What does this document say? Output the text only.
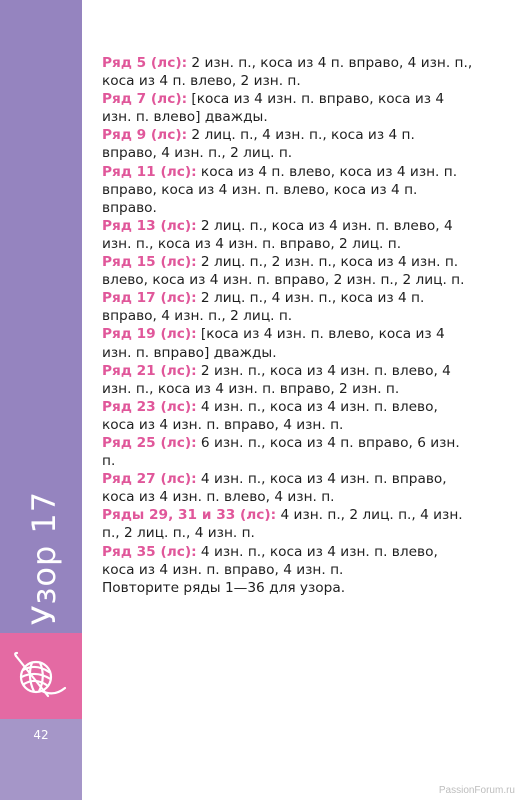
Узор 17
42

Ряд 5 (лс): 2 изн. п., коса из 4 п. вправо, 4 изн. п., коса из 4 п. влево, 2 изн. п.

Ряд 7 (лс): [коса из 4 изн. п. вправо, коса из 4 изн. п. влево] дважды.

Ряд 9 (лс): 2 лиц. п., 4 изн. п., коса из 4 п. вправо, 4 изн. п., 2 лиц. п.

Ряд 11 (лс): коса из 4 п. влево, коса из 4 изн. п. вправо, коса из 4 изн. п. влево, коса из 4 п. вправо.

Ряд 13 (лс): 2 лиц. п., коса из 4 изн. п. влево, 4 изн. п., коса из 4 изн. п. вправо, 2 лиц. п.

Ряд 15 (лс): 2 лиц. п., 2 изн. п., коса из 4 изн. п. влево, коса из 4 изн. п. вправо, 2 изн. п., 2 лиц. п.

Ряд 17 (лс): 2 лиц. п., 4 изн. п., коса из 4 п. вправо, 4 изн. п., 2 лиц. п.

Ряд 19 (лс): [коса из 4 изн. п. влево, коса из 4 изн. п. вправо] дважды.

Ряд 21 (лс): 2 изн. п., коса из 4 изн. п. влево, 4 изн. п., коса из 4 изн. п. вправо, 2 изн. п.

Ряд 23 (лс): 4 изн. п., коса из 4 изн. п. влево, коса из 4 изн. п. вправо, 4 изн. п.

Ряд 25 (лс): 6 изн. п., коса из 4 п. вправо, 6 изн. п.

Ряд 27 (лс): 4 изн. п., коса из 4 изн. п. вправо, коса из 4 изн. п. влево, 4 изн. п.

Ряды 29, 31 и 33 (лс): 4 изн. п., 2 лиц. п., 4 изн. п., 2 лиц. п., 4 изн. п.

Ряд 35 (лс): 4 изн. п., коса из 4 изн. п. влево, коса из 4 изн. п. вправо, 4 изн. п.

Повторите ряды 1—36 для узора.

PassionForum.ru
